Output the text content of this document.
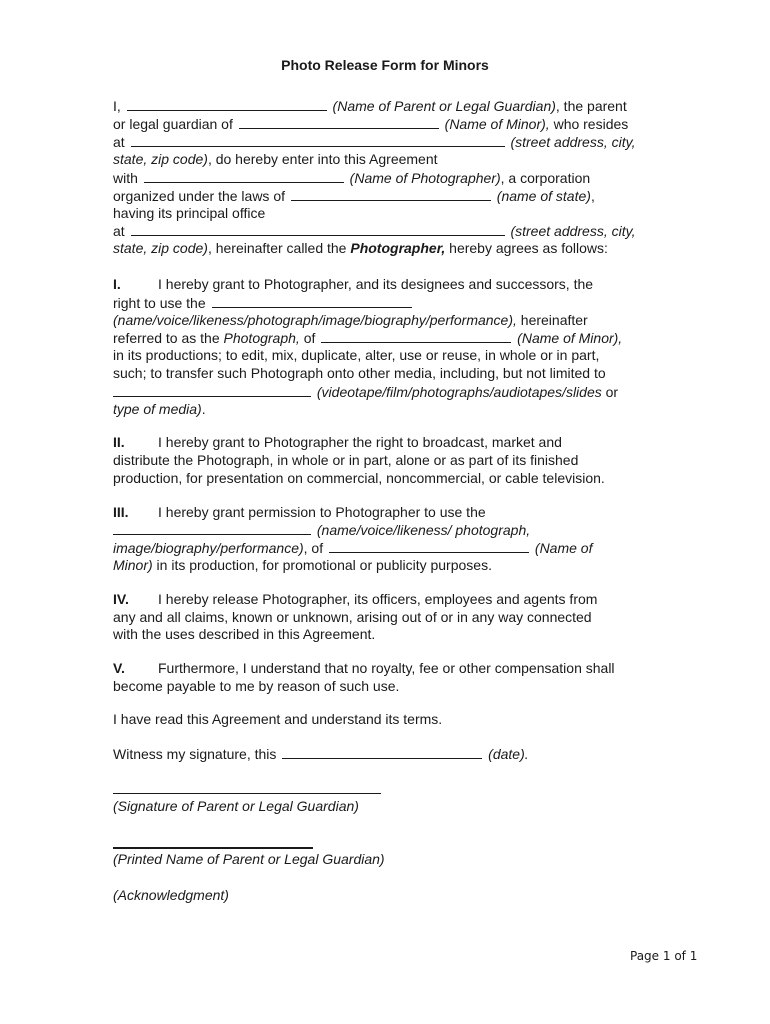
Photo Release Form for Minors
I,	(Name of Parent or Legal Guardian), the parent
or legal guardian of	(Name of Minor), who resides
at	(street address, city,
state, zip code), do hereby enter into this Agreement
with	(Name of Photographer), a corporation
organized under the laws of	(name of state),
having its principal office
at	(street address, city,
state, zip code), hereinafter called the Photographer, hereby agrees as follows:
I.	I hereby grant to Photographer, and its designees and successors, the
right to use the
(name/voice/likeness/photograph/image/biography/performance), hereinafter
referred to as the Photograph, of	(Name of Minor),
in its productions; to edit, mix, duplicate, alter, use or reuse, in whole or in part,
such; to transfer such Photograph onto other media, including, but not limited to
(videotape/film/photographs/audiotapes/slides or
type of media).
II. I hereby grant to Photographer the right to broadcast, market and
distribute the Photograph, in whole or in part, alone or as part of its finished
production, for presentation on commercial, noncommercial, or cable television.
III. I hereby grant permission to Photographer to use the
(name/voice/likeness/ photograph,
image/biography/performance), of	(Name of
Minor) in its production, for promotional or publicity purposes.
IV. I hereby release Photographer, its officers, employees and agents from
any and all claims, known or unknown, arising out of or in any way connected
with the uses described in this Agreement.
V. Furthermore, I understand that no royalty, fee or other compensation shall
become payable to me by reason of such use.
I have read this Agreement and understand its terms.
Witness my signature, this	(date).
(Signature of Parent or Legal Guardian)
(Printed Name of Parent or Legal Guardian)
(Acknowledgment)
Page 1 of 1
